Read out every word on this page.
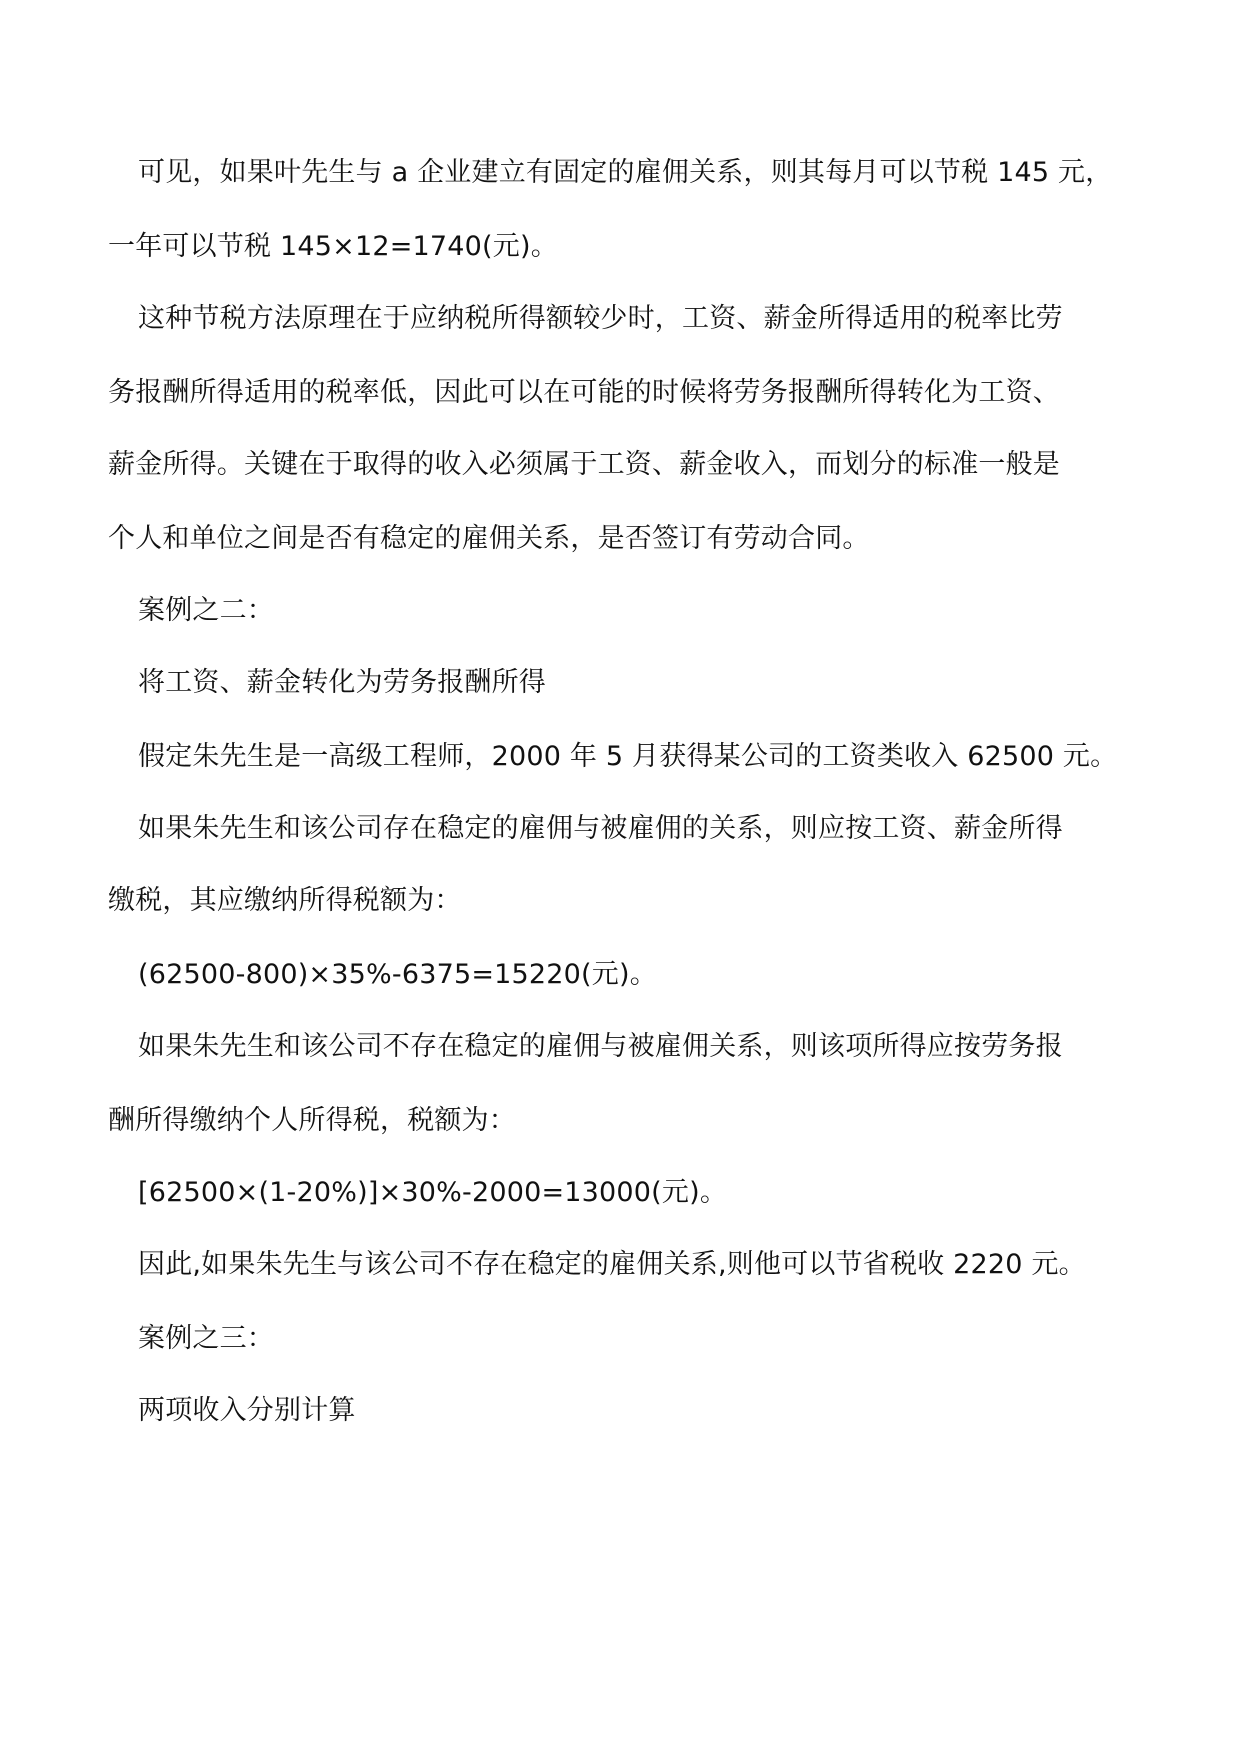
可见，如果叶先生与 a 企业建立有固定的雇佣关系，则其每月可以节税 145 元，
一年可以节税 145×12=1740(元)。
这种节税方法原理在于应纳税所得额较少时，工资、薪金所得适用的税率比劳
务报酬所得适用的税率低，因此可以在可能的时候将劳务报酬所得转化为工资、
薪金所得。关键在于取得的收入必须属于工资、薪金收入，而划分的标准一般是
个人和单位之间是否有稳定的雇佣关系，是否签订有劳动合同。
案例之二：
将工资、薪金转化为劳务报酬所得
假定朱先生是一高级工程师，2000 年 5 月获得某公司的工资类收入 62500 元。
如果朱先生和该公司存在稳定的雇佣与被雇佣的关系，则应按工资、薪金所得
缴税，其应缴纳所得税额为：
(62500-800)×35%-6375=15220(元)。
如果朱先生和该公司不存在稳定的雇佣与被雇佣关系，则该项所得应按劳务报
酬所得缴纳个人所得税，税额为：
[62500×(1-20%)]×30%-2000=13000(元)。
因此,如果朱先生与该公司不存在稳定的雇佣关系,则他可以节省税收 2220 元。
案例之三：
两项收入分别计算
